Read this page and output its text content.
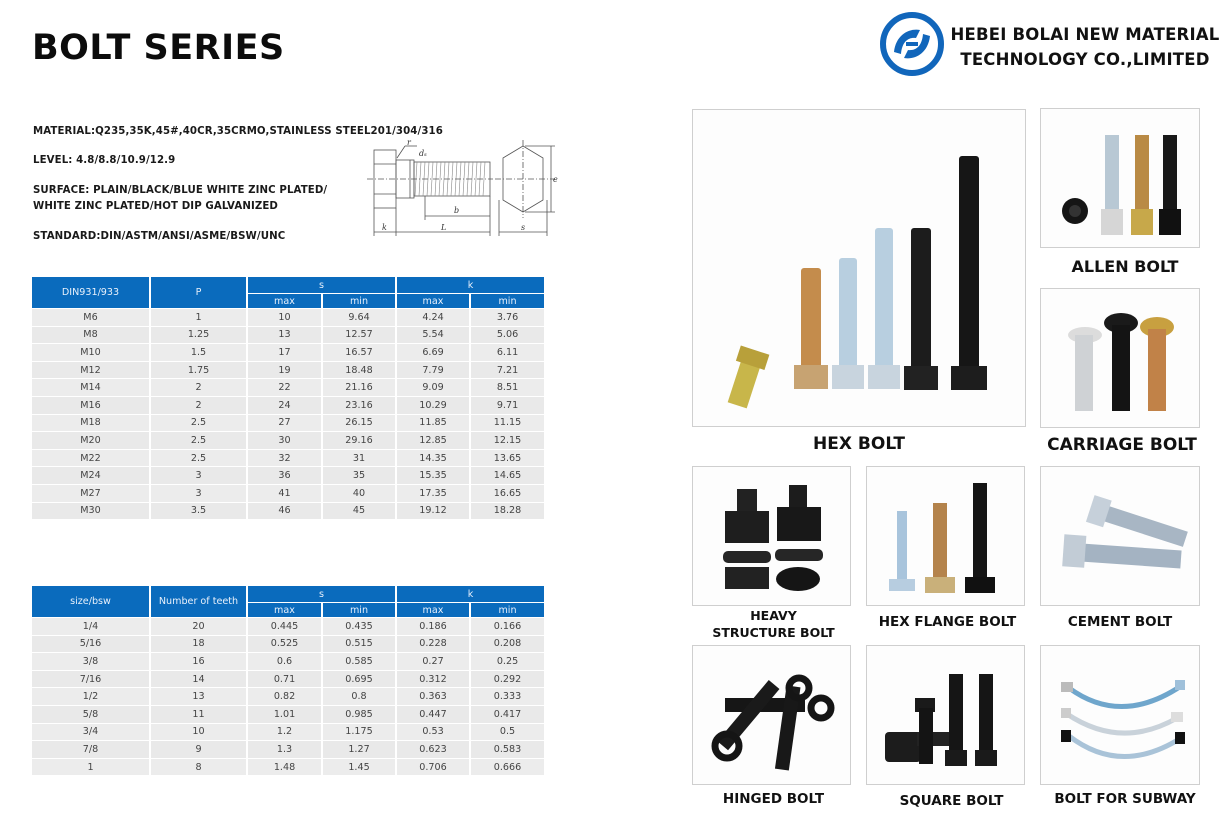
BOLT SERIES	HEBEI BOLAI NEW MATERIAL
TECHNOLOGY CO.,LIMITED
MATERIAL:Q235,35K,45#,40CR,35CRMO,STAINLESS STEEL201/304/316
LEVEL: 4.8/8.8/10.9/12.9
SURFACE: PLAIN/BLACK/BLUE WHITE ZINC PLATED/
WHITE ZINC PLATED/HOT DIP GALVANIZED
STANDARD:DIN/ASTM/ANSI/ASME/BSW/UNC
r
dₛ
e
b
k	L	s
DIN931/933	P	s		k	
		max	min	max	min
M6	1	10	9.64	4.24	3.76
M8	1.25	13	12.57	5.54	5.06
M10	1.5	17	16.57	6.69	6.11
M12	1.75	19	18.48	7.79	7.21
M14	2	22	21.16	9.09	8.51
M16	2	24	23.16	10.29	9.71
M18	2.5	27	26.15	11.85	11.15
M20	2.5	30	29.16	12.85	12.15
M22	2.5	32	31	14.35	13.65
M24	3	36	35	15.35	14.65
M27	3	41	40	17.35	16.65
M30	3.5	46	45	19.12	18.28
size/bsw	Number of teeth	s		k	
		max	min	max	min
1/4	20	0.445	0.435	0.186	0.166
5/16	18	0.525	0.515	0.228	0.208
3/8	16	0.6	0.585	0.27	0.25
7/16	14	0.71	0.695	0.312	0.292
1/2	13	0.82	0.8	0.363	0.333
5/8	11	1.01	0.985	0.447	0.417
3/4	10	1.2	1.175	0.53	0.5
7/8	9	1.3	1.27	0.623	0.583
1	8	1.48	1.45	0.706	0.666
HEX BOLT
ALLEN BOLT
CARRIAGE BOLT
HEAVY
STRUCTURE BOLT
HEX FLANGE BOLT	CEMENT BOLT
HINGED BOLT	SQUARE BOLT	BOLT FOR SUBWAY
